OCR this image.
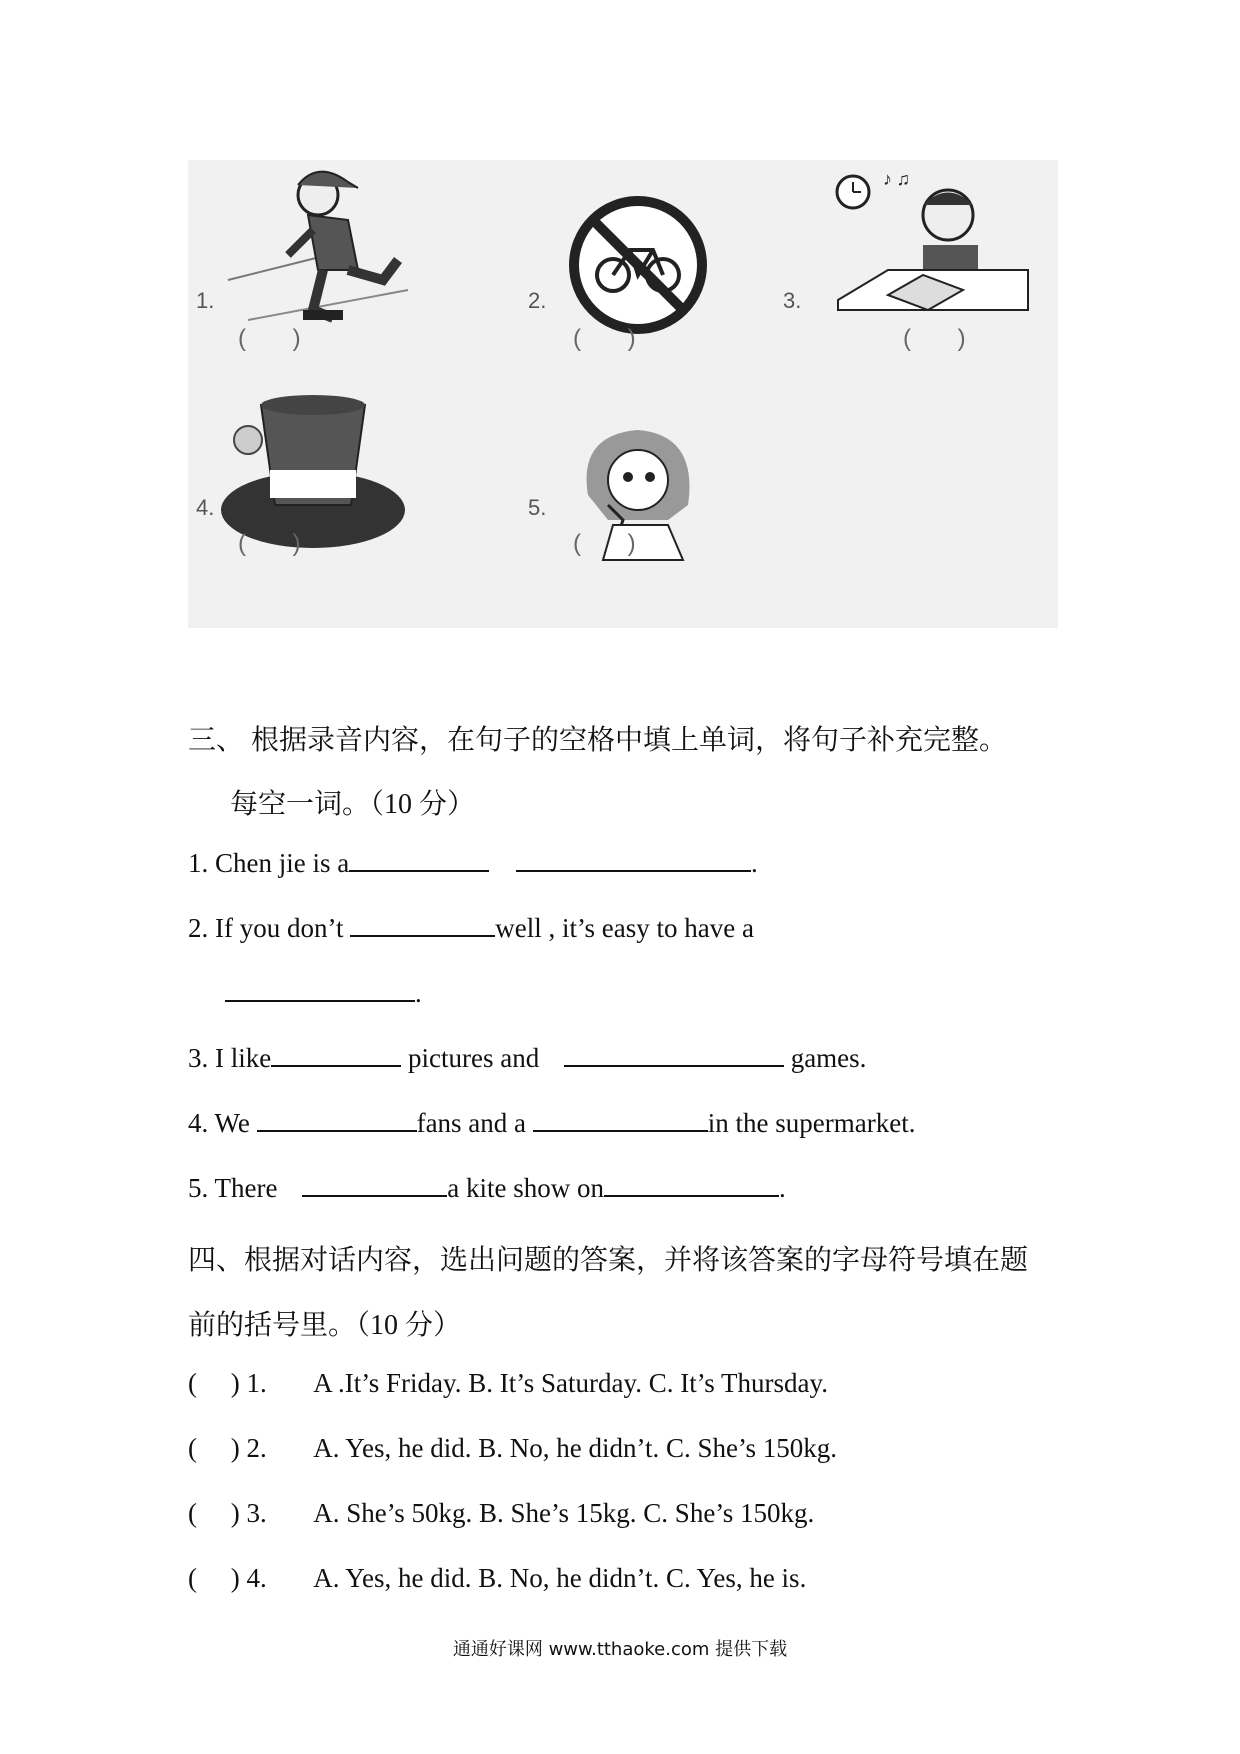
1.
( )
2.
( )
♪ ♫
3.
( )
4.
( )
5.
( )
三、 根据录音内容，在句子的空格中填上单词，将句子补充完整。
每空一词。（10 分）
1. Chen jie is a	.
2. If you don’t	well , it’s easy to have a
.
3. I like	pictures and	games.
4. We	fans and a	in the supermarket.
5. There	a kite show on	.
四、根据对话内容，选出问题的答案，并将该答案的字母符号填在题
前的括号里。（10 分）
(     ) 1. A .It’s Friday. B. It’s Saturday. C. It’s Thursday.
(     ) 2. A. Yes, he did. B. No, he didn’t. C. She’s 150kg.
(     ) 3. A. She’s 50kg. B. She’s 15kg. C. She’s 150kg.
(     ) 4. A. Yes, he did. B. No, he didn’t. C. Yes, he is.
通通好课网 www.tthaoke.com 提供下载
